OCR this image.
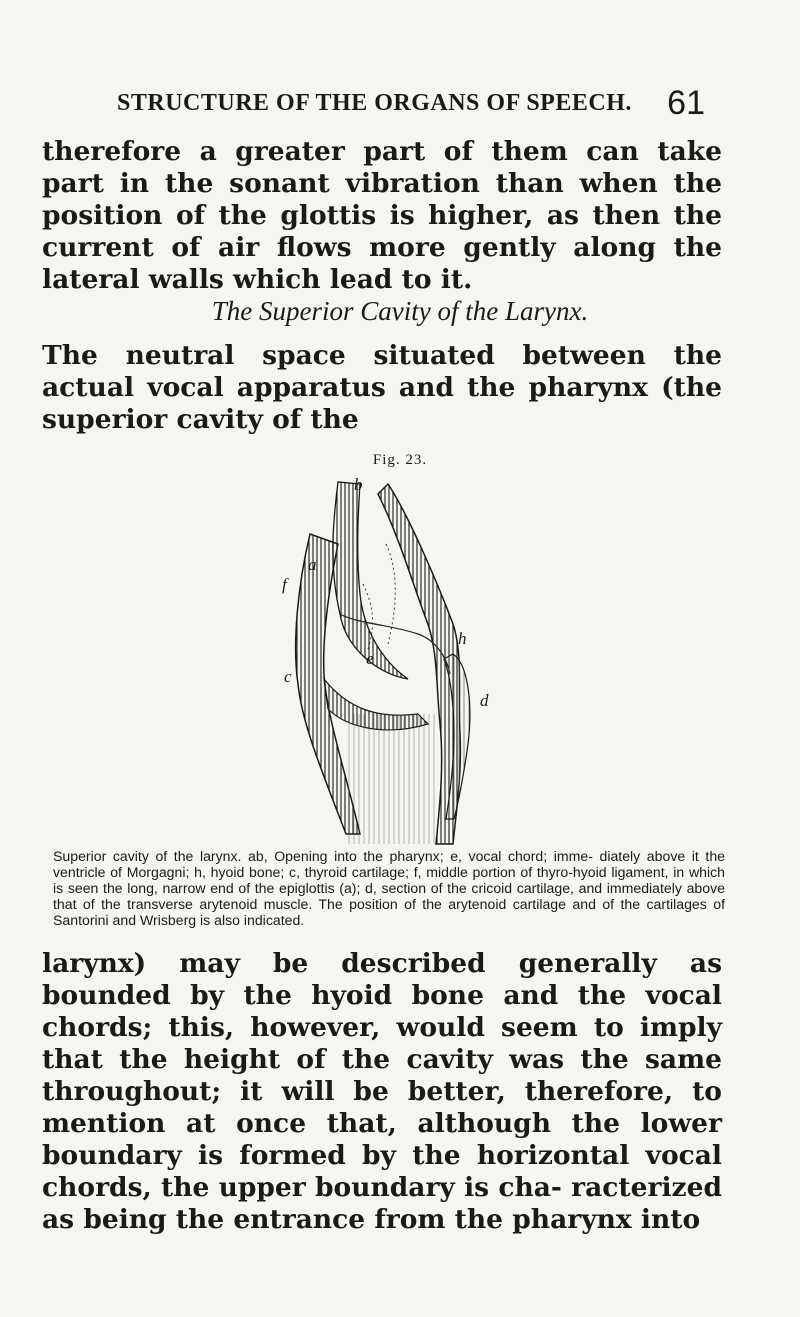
STRUCTURE OF THE ORGANS OF SPEECH. 61
therefore a greater part of them can take part in the sonant vibration than when the position of the glottis is higher, as then the current of air flows more gently along the lateral walls which lead to it.
The Superior Cavity of the Larynx.
The neutral space situated between the actual vocal apparatus and the pharynx (the superior cavity of the
Fig. 23.
a
b
f
h
c
e
d

Superior cavity of the larynx. ab, Opening into the pharynx; e, vocal chord; imme- diately above it the ventricle of Morgagni; h, hyoid bone; c, thyroid cartilage; f, middle portion of thyro-hyoid ligament, in which is seen the long, narrow end of the epiglottis (a); d, section of the cricoid cartilage, and immediately above that of the transverse arytenoid muscle. The position of the arytenoid cartilage and of the cartilages of Santorini and Wrisberg is also indicated.

larynx) may be described generally as bounded by the hyoid bone and the vocal chords; this, however, would seem to imply that the height of the cavity was the same throughout; it will be better, therefore, to mention at once that, although the lower boundary is formed by the horizontal vocal chords, the upper boundary is cha- racterized as being the entrance from the pharynx into
